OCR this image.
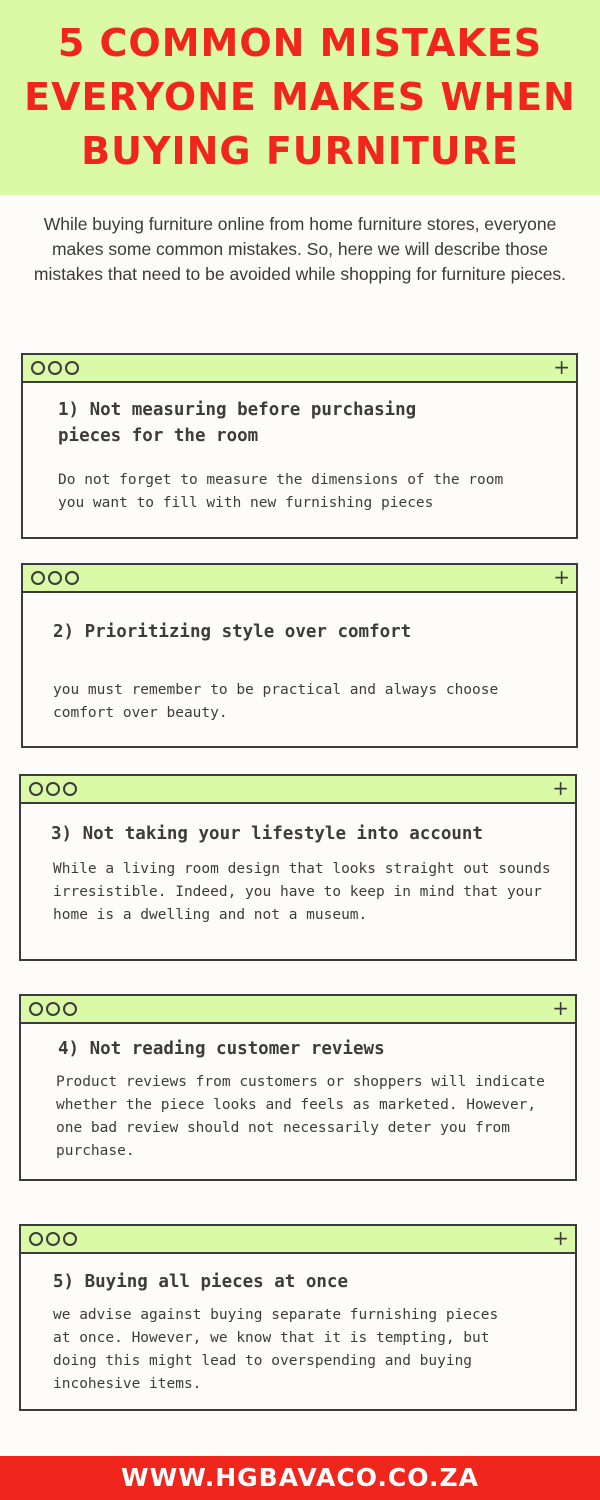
5 COMMON MISTAKES EVERYONE MAKES WHEN BUYING FURNITURE

While buying furniture online from home furniture stores, everyone makes some common mistakes. So, here we will describe those mistakes that need to be avoided while shopping for furniture pieces.

+
1) Not measuring before purchasing pieces for the room

Do not forget to measure the dimensions of the room you want to fill with new furnishing pieces

+
2) Prioritizing style over comfort

you must remember to be practical and always choose comfort over beauty.

+
3) Not taking your lifestyle into account

While a living room design that looks straight out sounds irresistible. Indeed, you have to keep in mind that your home is a dwelling and not a museum.

+
4) Not reading customer reviews

Product reviews from customers or shoppers will indicate whether the piece looks and feels as marketed. However, one bad review should not necessarily deter you from purchase.

+
5) Buying all pieces at once

we advise against buying separate furnishing pieces at once. However, we know that it is tempting, but doing this might lead to overspending and buying incohesive items.

WWW.HGBAVACO.CO.ZA
